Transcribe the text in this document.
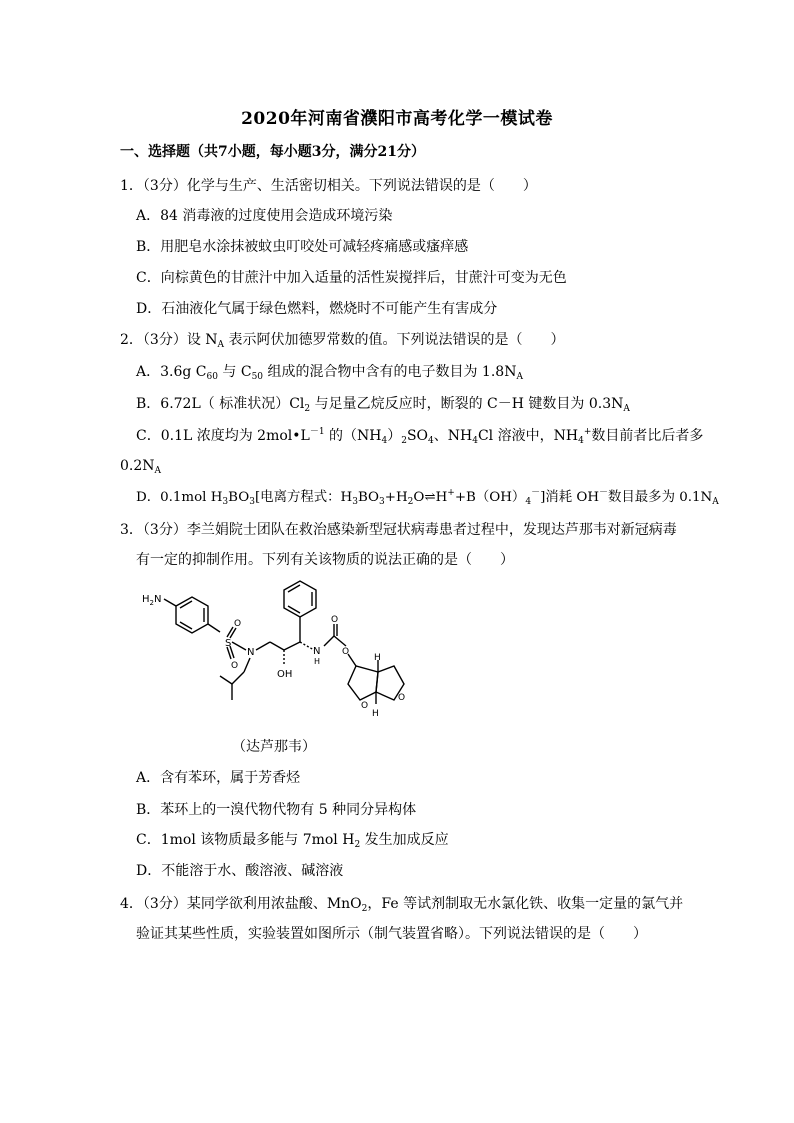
2020年河南省濮阳市高考化学一模试卷
一、选择题（共7小题，每小题3分，满分21分）
1．（3分）化学与生产、生活密切相关。下列说法错误的是（　　）
A．84 消毒液的过度使用会造成环境污染
B．用肥皂水涂抹被蚊虫叮咬处可减轻疼痛感或瘙痒感
C．向棕黄色的甘蔗汁中加入适量的活性炭搅拌后，甘蔗汁可变为无色
D．石油液化气属于绿色燃料，燃烧时不可能产生有害成分
2．（3分）设 $N_A$ 表示阿伏加德罗常数的值。下列说法错误的是（　　）
A．3.6g $C_{60}$ 与 $C_{50}$ 组成的混合物中含有的电子数目为 $1.8N_A$
B．6.72L（ 标准状况）$Cl_2$ 与足量乙烷反应时，断裂的 C－H 键数目为 $0.3N_A$
C．0.1L 浓度均为 $2mol•L^{-1}$ 的$(NH_4)_2SO_4$、$NH_4Cl$ 溶液中，$NH_4^+$数目前者比后者多
$0.2N_A$
D．0.1mol $H_3BO_3$[电离方程式：$H_3BO_3+H_2O\rightleftharpoons H^++B(OH)_4^-$]消耗 OH－数目最多为 $0.1N_A$
3．（3分）李兰娟院士团队在救治感染新型冠状病毒患者过程中，发现达芦那韦对新冠病毒
有一定的抑制作用。下列有关该物质的说法正确的是（　　）
$H_2N$
S
O
O
N
OH
N H
O
O
O
O
H
H
（达芦那韦）
A．含有苯环，属于芳香烃
B．苯环上的一溴代物代物有 5 种同分异构体
C．1mol 该物质最多能与 7mol $H_2$ 发生加成反应
D．不能溶于水、酸溶液、碱溶液
4．（3分）某同学欲利用浓盐酸、MnO$_2$，Fe 等试剂制取无水氯化铁、收集一定量的氯气并
验证其某些性质，实验装置如图所示（制气装置省略）。下列说法错误的是（　　）
